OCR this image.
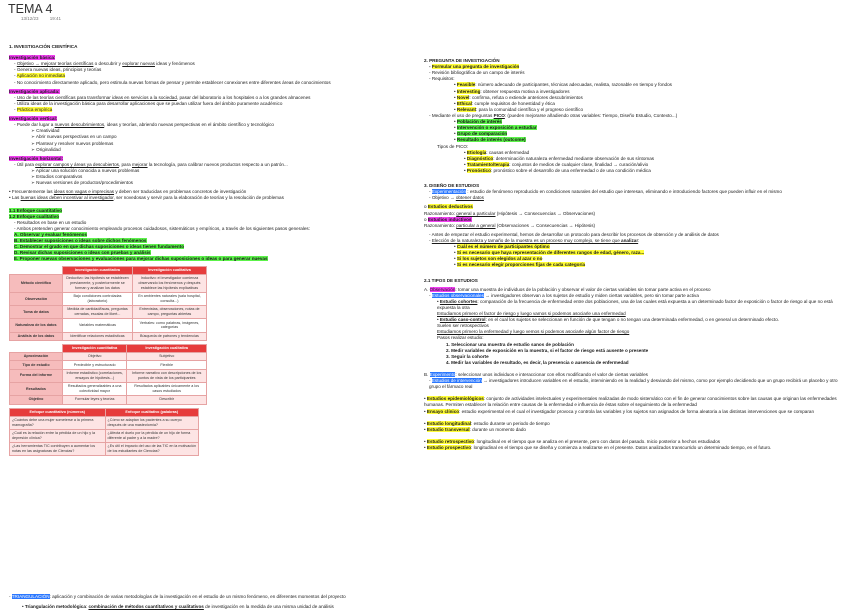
TEMA 4
13/12/23	19:41

1. INVESTIGACIÓN CIENTÍFICA

Investigación básica:

- Objetivo → mejorar teorías científicas o descubrir y explorar nuevas ideas y fenómenos

- Genera nuevas ideas, principios y teorías

- Aplicación no inmediata

- No conocimiento directamente aplicado, pero estimula nuevas formas de pensar y permite establecer conexiones entre diferentes áreas de conocimientos

Investigación aplicada:

- Uso de las teorías científicas para transformar ideas en servicios a la sociedad, pasar del laboratorio a los hospitales o a los grandes almacenes

- Utiliza ideas de la investigación básica para desarrollar aplicaciones que se puedan utilizar fuera del ámbito puramente académico

- Práctica empírica

Investigación vertical:

- Puede dar lugar a nuevos descubrimientos, ideas y teorías, abriendo nuevas perspectivas en el ámbito científico y tecnológico

➢ Creatividad

➢ Abrir nuevas perspectivas en un campo

➢ Plantear y resolver nuevos problemas

➢ Originalidad

Investigación horizontal:

- Útil para explorar campos y áreas ya descubiertos, para mejorar la tecnología, para calibrar nuevos productos respecto a un patrón...

➢ Aplicar una solución conocida a nuevos problemas

➢ Estudios comparativos

➢ Nuevas versiones de productos/procedimientos

• Frecuentemente las ideas son vagas e imprecisas y deben ser traducidas en problemas concretos de investigación

• Las buenas ideas deben incentivar al investigador, ser novedosas y servir para la elaboración de teorías y la resolución de problemas

1.1 Enfoque cuantitativo

1.2 Enfoque cualitativo

- Resultados en base en un estudio

- Ambos pretenden generar conocimiento empleando procesos cuidadosos, sistemáticos y empíricos, a través de los siguientes pasos generales:

A. Observar y evaluar fenómenos

B. Establecer suposiciones o ideas sobre dichos fenómenos

C. Demostrar el grado en que dichas suposiciones o ideas tienen fundamento

D. Revisar dichas suposiciones o ideas con pruebas y análisis

E. Proponer nuevas observaciones y evaluaciones para mejorar dichas suposiciones o ideas o para generar nuevas

	Investigación cuantitativa	Investigación cualitativa
Método científico	Deductivo: las hipótesis se establecen previamente, y posteriormente se forman y analizan los datos	Inductivo: el investigador comienza observando los fenómenos y después establece las hipótesis explicativas
Observación	Bajo condiciones controladas (laboratorio)	En ambientes naturales (sala hospital, consulta...)
Toma de datos	Medida de cantidad/facas, preguntas cerradas, escalas de likert...	Entrevistas, observaciones, notas de campo, preguntas abiertas
Naturaleza de los datos	Variables matemáticas	Verbales: como palabras, imágenes, categorías
Análisis de los datos	Identificar relaciones estadísticas	Búsqueda de patrones y tendencias
	Investigación cuantitativa	Investigación cualitativa
Aproximación	Objetivo	Subjetivo
Tipo de estudio	Predecible y estructurado	Flexible
Forma del informe	Informe estadístico (correlaciones, ensayos de hipótesis...)	Informe narrativo con descripciones de los puntos de vista de los participantes
Resultados	Resultados generalizables a una colectividad mayor	Resultados aplicables únicamente a los casos estudiados
Objetivo	Formular leyes y teorías	Describir
Enfoque cuantitativo (números)	Enfoque cualitativo (palabras)
¿Cuántos debe una mujer someterse a la primera mamografía?	¿Cómo se adaptan los pacientes a su cuerpo después de una mastectomía?
¿Cuál es la relación entre la pérdida de un hijo y la depresión clínica?	¿Afecta el duelo por la pérdida de un hijo de forma diferente al padre y a la madre?
¿Las herramientas TIC contribuyen a aumentar los notas en las asignaturas de Ciencias?	¿Es útil el impacto del uso de las TIC en la motivación de los estudiantes de Ciencias?

- TRIANGULACIÓN: aplicación y combinación de varias metodologías de la investigación en el estudio de un mismo fenómeno, en diferentes momentos del proyecto

• Triangulación metodológica: combinación de métodos cuantitativos y cualitativos de investigación en la medida de una misma unidad de análisis

2. PREGUNTA DE INVESTIGACIÓN

- Formular una pregunta de investigación

- Revisión bibliográfica de un campo de interés

- Requisitos:

• Feasible: número adecuado de participantes, técnicas adecuadas, realista, razonable en tiempo y fondos

• Interesting: obtener respuesta motiva a investigadores

• Novel: confirma, refuta o extiende anteriores descubrimientos

• Ethical: cumple requisitos de honestidad y ética

• Relevant: para la comunidad científica y el progreso científico

- Mediante el uso de preguntas PICO: (pueden mejorarse añadiendo otras variables: Tiempo, Diseño Estudio, Contexto...)

• Población de interés

• Intervención o exposición a estudiar

• Grupo de comparación

• Resultado de interés (outcome)

Tipos de PICO:

• Etiología: causas enfermedad

• Diagnóstico: determinación naturaleza enfermedad mediante observación de sus síntomas

• Tratamiento/terapia: conjuntos de medios de cualquier clase, finalidad → curación/alivio

• Pronóstico: pronóstico sobre el desarrollo de una enfermedad o de una condición médica

3. DISEÑO DE ESTUDIOS

- Experimentación : estudio de fenómeno reproducido en condiciones naturales del estudio que interesan, eliminando e introduciendo factores que pueden influir en el mismo

- Objetivo → obtener datos

o Estudios deductivos

Razonamiento: general a particular (Hipótesis → Consecuencias → Observaciones)

o Estudios inductivos

Razonamiento: particular a general (Observaciones → Consecuencias → Hipótesis)

- Antes de empezar el estudio experimental, hemos de desarrollar un protocolo para describir los procesos de obtención y de análisis de datos

- Elección de la naturaleza y tamaño de la muestra es un proceso muy complejo, se tiene que analizar:

• Cuál es el número de participantes óptimo

• Si es necesario que haya representación de diferentes rangos de edad, género, raza...

• Si los sujetos son elegidos al azar o no

• Si es necesario elegir proporciones fijas de cada categoría

2.1 TIPOS DE ESTUDIOS

A. Observación: tomar una muestra de individuos de la población y observar el valor de ciertas variables sin tomar parte activa en el proceso

- Estudios observacionales → investigadores observan a los sujetos de estudio y miden ciertas variables, pero sin tomar parte activa

• Estudio cohortes: comparación de la frecuencia de enfermedad entre dos poblaciones, una de las cuales está expuesta a un determinado factor de exposición o factor de riesgo al que no está expuesta la otra

Estudiamos primero el factor de riesgo y luego vamos si podemos asociarle una enfermedad

• Estudio caso-control: en el cual los sujetos se seleccionan en función de que tengan o no tengan una determinada enfermedad, o en general un determinado efecto.

Suelen ser retrospectivos

Estudiamos primero la enfermedad y luego vemos si podemos asociarle algún factor de riesgo

Pasos realizar estudio:

1. Seleccionar una muestra de estudio sanos de población

2. Medir variables de exposición en la muestra, si el factor de riesgo está ausente o presente

3. Seguir la cohorte

4. Medir las variables de resultado, es decir, la presencia o ausencia de enfermedad

B. Experimento: seleccionar unos individuos e interaccionar con ellos modificando el valor de ciertas variables

- Estudios de intervención → investigadores introducen variables en el estudio, interviniendo en la realidad y desviando del mismo, como por ejemplo decidiendo que un grupo recibirá un placebo y otro grupo el fármaco real

• Estudios epidemiológicos: conjunto de actividades intelectuales y experimentales realizadas de modo sistemático con el fin de generar conocimientos sobre las causas que originan las enfermedades humanas. Permiten establecer la relación entre causas de la enfermedad e influencia de éstas sobre el seguimiento de la enfermedad

• Ensayo clínico: estudio experimental en el cual el investigador provoca y controla las variables y los sujetos son asignados de forma aleatoria a las distintas intervenciones que se comparan

• Estudio longitudinal: estudio durante un periodo de tiempo

• Estudio transversal: durante un momento dado

• Estudio retrospectivo: longitudinal en el tiempo que se analiza en el presente, pero con datos del pasado. Inicio posterior a hechos estudiados

• Estudio prospectivo: longitudinal en el tiempo que se diseña y comienza a realizarse en el presente. Datos analizados transcurrido un determinado tiempo, en el futuro.
